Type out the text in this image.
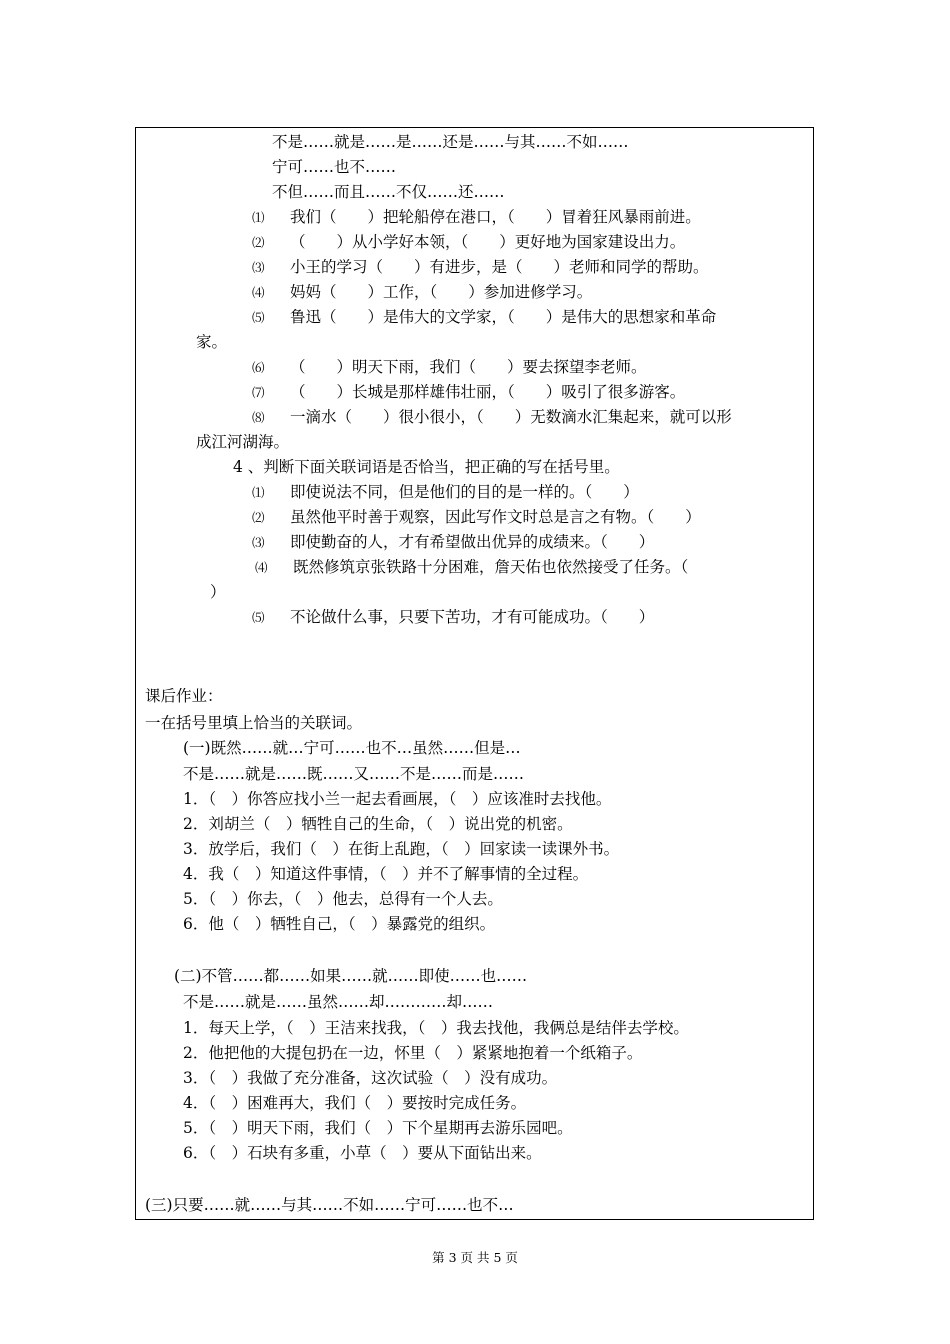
不是……就是……是……还是……与其……不如……
宁可……也不……
不但……而且……不仅……还……
⑴ 我们（　　）把轮船停在港口，（　　）冒着狂风暴雨前进。
⑵ （　　）从小学好本领，（　　）更好地为国家建设出力。
⑶ 小王的学习（　　）有进步，是（　　）老师和同学的帮助。
⑷ 妈妈（　　）工作，（　　）参加进修学习。
⑸ 鲁迅（　　）是伟大的文学家，（　　）是伟大的思想家和革命
家。
⑹ （　　）明天下雨，我们（　　）要去探望李老师。
⑺ （　　）长城是那样雄伟壮丽，（　　）吸引了很多游客。
⑻ 一滴水（　　）很小很小，（　　）无数滴水汇集起来，就可以形
成江河湖海。
4 、判断下面关联词语是否恰当，把正确的写在括号里。
⑴ 即使说法不同，但是他们的目的是一样的。（　　）
⑵ 虽然他平时善于观察，因此写作文时总是言之有物。（　　）
⑶ 即使勤奋的人，才有希望做出优异的成绩来。（　　）
⑷ 既然修筑京张铁路十分困难，詹天佑也依然接受了任务。（
）
⑸ 不论做什么事，只要下苦功，才有可能成功。（　　）
课后作业：
一在括号里填上恰当的关联词。
(一)既然……就…宁可……也不…虽然……但是…
不是……就是……既……又……不是……而是……
1．（　）你答应找小兰一起去看画展，（　）应该准时去找他。
2．刘胡兰（　）牺牲自己的生命，（　）说出党的机密。
3．放学后，我们（　）在街上乱跑，（　）回家读一读课外书。
4．我（　）知道这件事情，（　）并不了解事情的全过程。
5．（　）你去，（　）他去，总得有一个人去。
6．他（　）牺牲自己，（　）暴露党的组织。
(二)不管……都……如果……就……即使……也……
不是……就是……虽然……却…………却……
1．每天上学，（　）王洁来找我，（　）我去找他，我俩总是结伴去学校。
2．他把他的大提包扔在一边，怀里（　）紧紧地抱着一个纸箱子。
3．（　）我做了充分准备，这次试验（　）没有成功。
4．（　）困难再大，我们（　）要按时完成任务。
5．（　）明天下雨，我们（　）下个星期再去游乐园吧。
6．（　）石块有多重，小草（　）要从下面钻出来。
(三)只要……就……与其……不如……宁可……也不…
第 3 页 共 5 页
